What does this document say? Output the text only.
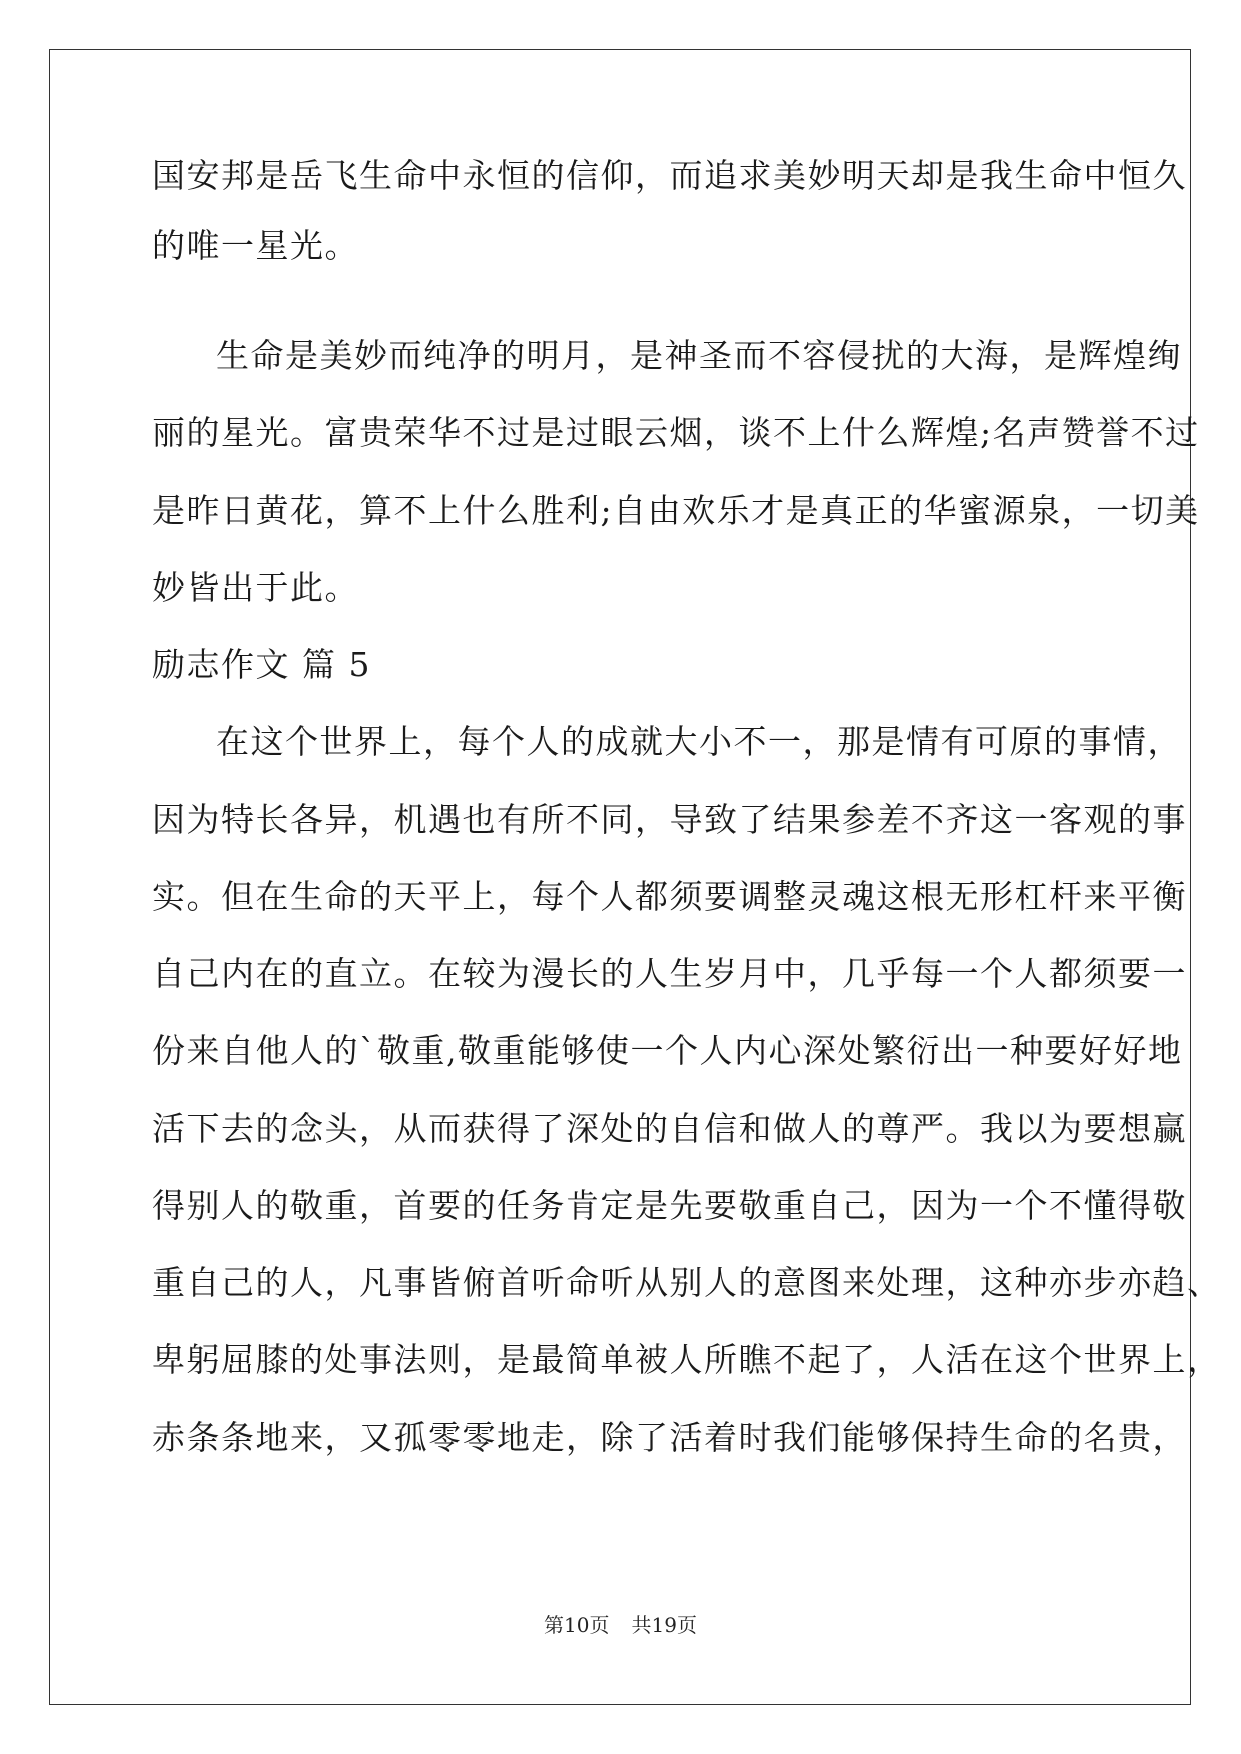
国安邦是岳飞生命中永恒的信仰，而追求美妙明天却是我生命中恒久
的唯一星光。
生命是美妙而纯净的明月，是神圣而不容侵扰的大海，是辉煌绚
丽的星光。富贵荣华不过是过眼云烟，谈不上什么辉煌;名声赞誉不过
是昨日黄花，算不上什么胜利;自由欢乐才是真正的华蜜源泉，一切美
妙皆出于此。
励志作文 篇 5
在这个世界上，每个人的成就大小不一，那是情有可原的事情，
因为特长各异，机遇也有所不同，导致了结果参差不齐这一客观的事
实。但在生命的天平上，每个人都须要调整灵魂这根无形杠杆来平衡
自己内在的直立。在较为漫长的人生岁月中，几乎每一个人都须要一
份来自他人的`敬重,敬重能够使一个人内心深处繁衍出一种要好好地
活下去的念头，从而获得了深处的自信和做人的尊严。我以为要想赢
得别人的敬重，首要的任务肯定是先要敬重自己，因为一个不懂得敬
重自己的人，凡事皆俯首听命听从别人的意图来处理，这种亦步亦趋、
卑躬屈膝的处事法则，是最简单被人所瞧不起了，人活在这个世界上，
赤条条地来，又孤零零地走，除了活着时我们能够保持生命的名贵，
第10页 共19页
